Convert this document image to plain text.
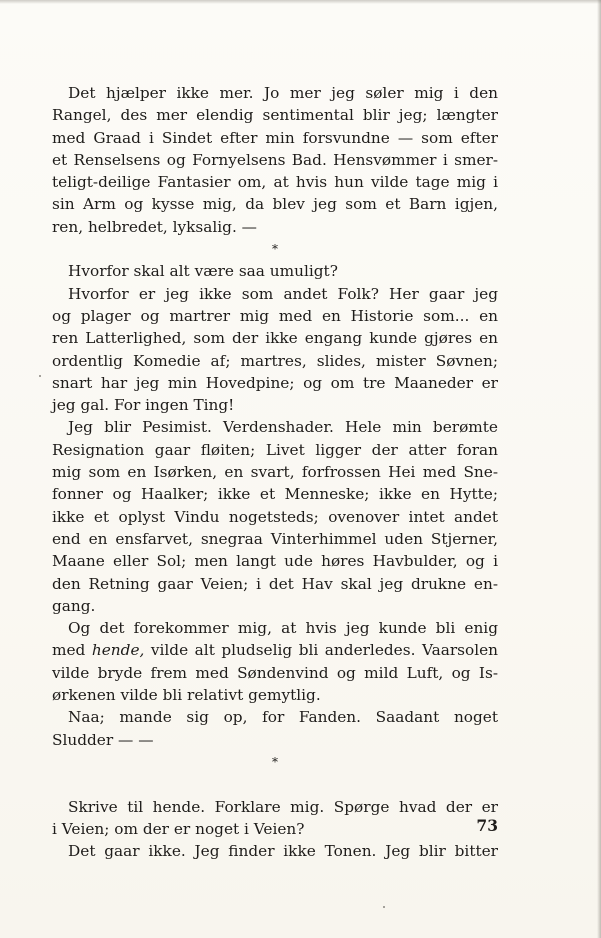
Det hjælper ikke mer. Jo mer jeg søler mig i den
Rangel, des mer elendig sentimental blir jeg; længter
med Graad i Sindet efter min forsvundne — som efter
et Renselsens og Fornyelsens Bad. Hensvømmer i smer-
teligt-deilige Fantasier om, at hvis hun vilde tage mig i
sin Arm og kysse mig, da blev jeg som et Barn igjen,
ren, helbredet, lyksalig. —
*
Hvorfor skal alt være saa umuligt?
Hvorfor er jeg ikke som andet Folk? Her gaar jeg
og plager og martrer mig med en Historie som... en
ren Latterlighed, som der ikke engang kunde gjøres en
ordentlig Komedie af; martres, slides, mister Søvnen;
snart har jeg min Hovedpine; og om tre Maaneder er
jeg gal. For ingen Ting!
Jeg blir Pesimist. Verdenshader. Hele min berømte
Resignation gaar fløiten; Livet ligger der atter foran
mig som en Isørken, en svart, forfrossen Hei med Sne-
fonner og Haalker; ikke et Menneske; ikke en Hytte;
ikke et oplyst Vindu nogetsteds; ovenover intet andet
end en ensfarvet, snegraa Vinterhimmel uden Stjerner,
Maane eller Sol; men langt ude høres Havbulder, og i
den Retning gaar Veien; i det Hav skal jeg drukne en-
gang.
Og det forekommer mig, at hvis jeg kunde bli enig
med hende, vilde alt pludselig bli anderledes. Vaarsolen
vilde bryde frem med Søndenvind og mild Luft, og Is-
ørkenen vilde bli relativt gemytlig.
Naa; mande sig op, for Fanden. Saadant noget
Sludder — —
*
Skrive til hende. Forklare mig. Spørge hvad der er
i Veien; om der er noget i Veien?
Det gaar ikke. Jeg finder ikke Tonen. Jeg blir bitter
73
